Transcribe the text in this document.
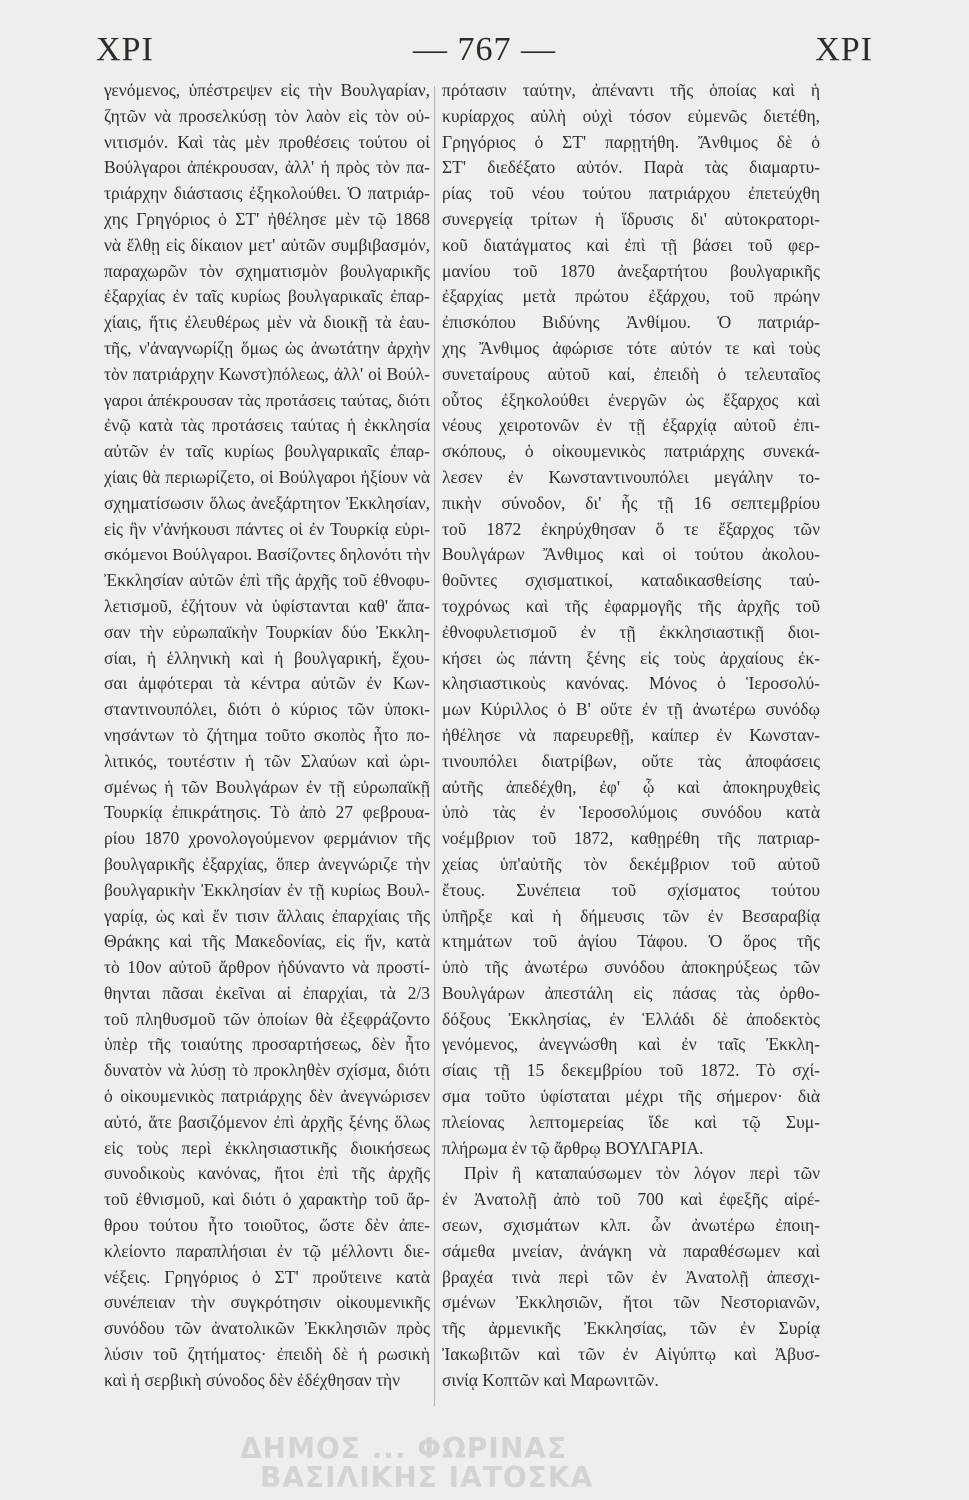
ΧΡΙ	— 767 —	ΧΡΙ
γενόμενος, ὑπέστρεψεν εἰς τὴν Βουλγαρίαν,
ζητῶν νὰ προσελκύσῃ τὸν λαὸν εἰς τὸν οὐ-
νιτισμόν. Καὶ τὰς μὲν προθέσεις τούτου οἱ
Βούλγαροι ἀπέκρουσαν, ἀλλ' ἡ πρὸς τὸν πα-
τριάρχην διάστασις ἐξηκολούθει. Ὁ πατριάρ-
χης Γρηγόριος ὁ ΣΤ' ἠθέλησε μὲν τῷ 1868
νὰ ἔλθῃ εἰς δίκαιον μετ' αὐτῶν συμβιβασμόν,
παραχωρῶν τὸν σχηματισμὸν βουλγαρικῆς
ἐξαρχίας ἐν ταῖς κυρίως βουλγαρικαῖς ἐπαρ-
χίαις, ἥτις ἐλευθέρως μὲν νὰ διοικῇ τὰ ἑαυ-
τῆς, ν'ἀναγνωρίζῃ ὅμως ὡς ἀνωτάτην ἀρχὴν
τὸν πατριάρχην Κωνστ)πόλεως, ἀλλ' οἱ Βούλ-
γαροι ἀπέκρουσαν τὰς προτάσεις ταύτας, διότι
ἐνῷ κατὰ τὰς προτάσεις ταύτας ἡ ἐκκλησία
αὐτῶν ἐν ταῖς κυρίως βουλγαρικαῖς ἐπαρ-
χίαις θὰ περιωρίζετο, οἱ Βούλγαροι ἠξίουν νὰ
σχηματίσωσιν ὅλως ἀνεξάρτητον Ἐκκλησίαν,
εἰς ἣν ν'ἀνήκουσι πάντες οἱ ἐν Τουρκίᾳ εὑρι-
σκόμενοι Βούλγαροι. Βασίζοντες δηλονότι τὴν
Ἐκκλησίαν αὐτῶν ἐπὶ τῆς ἀρχῆς τοῦ ἐθνοφυ-
λετισμοῦ, ἐζήτουν νὰ ὑφίστανται καθ' ἅπα-
σαν τὴν εὐρωπαϊκὴν Τουρκίαν δύο Ἐκκλη-
σίαι, ἡ ἑλληνικὴ καὶ ἡ βουλγαρική, ἔχου-
σαι ἀμφότεραι τὰ κέντρα αὐτῶν ἐν Κων-
σταντινουπόλει, διότι ὁ κύριος τῶν ὑποκι-
νησάντων τὸ ζήτημα τοῦτο σκοπὸς ἦτο πο-
λιτικός, τουτέστιν ἡ τῶν Σλαύων καὶ ὡρι-
σμένως ἡ τῶν Βουλγάρων ἐν τῇ εὐρωπαϊκῇ
Τουρκίᾳ ἐπικράτησις. Τὸ ἀπὸ 27 φεβρουα-
ρίου 1870 χρονολογούμενον φερμάνιον τῆς
βουλγαρικῆς ἐξαρχίας, ὅπερ ἀνεγνώριζε τὴν
βουλγαρικὴν Ἐκκλησίαν ἐν τῇ κυρίως Βουλ-
γαρίᾳ, ὡς καὶ ἔν τισιν ἄλλαις ἐπαρχίαις τῆς
Θράκης καὶ τῆς Μακεδονίας, εἰς ἥν, κατὰ
τὸ 10ον αὐτοῦ ἄρθρον ἠδύναντο νὰ προστί-
θηνται πᾶσαι ἐκεῖναι αἱ ἐπαρχίαι, τὰ 2/3
τοῦ πληθυσμοῦ τῶν ὁποίων θὰ ἐξεφράζοντο
ὑπὲρ τῆς τοιαύτης προσαρτήσεως, δὲν ἦτο
δυνατὸν νὰ λύσῃ τὸ προκληθὲν σχίσμα, διότι
ὁ οἰκουμενικὸς πατριάρχης δὲν ἀνεγνώρισεν
αὐτό, ἅτε βασιζόμενον ἐπὶ ἀρχῆς ξένης ὅλως
εἰς τοὺς περὶ ἐκκλησιαστικῆς διοικήσεως
συνοδικοὺς κανόνας, ἤτοι ἐπὶ τῆς ἀρχῆς
τοῦ ἐθνισμοῦ, καὶ διότι ὁ χαρακτὴρ τοῦ ἄρ-
θρου τούτου ἦτο τοιοῦτος, ὥστε δὲν ἀπε-
κλείοντο παραπλήσιαι ἐν τῷ μέλλοντι διε-
νέξεις. Γρηγόριος ὁ ΣΤ' προὔτεινε κατὰ
συνέπειαν τὴν συγκρότησιν οἰκουμενικῆς
συνόδου τῶν ἀνατολικῶν Ἐκκλησιῶν πρὸς
λύσιν τοῦ ζητήματος· ἐπειδὴ δὲ ἡ ρωσικὴ
καὶ ἡ σερβικὴ σύνοδος δὲν ἐδέχθησαν τὴν
πρότασιν ταύτην, ἀπέναντι τῆς ὁποίας καὶ ἡ
κυρίαρχος αὐλὴ οὐχὶ τόσον εὐμενῶς διετέθη,
Γρηγόριος ὁ ΣΤ' παρῃτήθη. Ἄνθιμος δὲ ὁ
ΣΤ' διεδέξατο αὐτόν. Παρὰ τὰς διαμαρτυ-
ρίας τοῦ νέου τούτου πατριάρχου ἐπετεύχθη
συνεργείᾳ τρίτων ἡ ἵδρυσις δι' αὐτοκρατορι-
κοῦ διατάγματος καὶ ἐπὶ τῇ βάσει τοῦ φερ-
μανίου τοῦ 1870 ἀνεξαρτήτου βουλγαρικῆς
ἐξαρχίας μετὰ πρώτου ἐξάρχου, τοῦ πρώην
ἐπισκόπου Βιδύνης Ἀνθίμου. Ὁ πατριάρ-
χης Ἄνθιμος ἀφώρισε τότε αὐτόν τε καὶ τοὺς
συνεταίρους αὐτοῦ καί, ἐπειδὴ ὁ τελευταῖος
οὗτος ἐξηκολούθει ἐνεργῶν ὡς ἔξαρχος καὶ
νέους χειροτονῶν ἐν τῇ ἐξαρχίᾳ αὐτοῦ ἐπι-
σκόπους, ὁ οἰκουμενικὸς πατριάρχης συνεκά-
λεσεν ἐν Κωνσταντινουπόλει μεγάλην το-
πικὴν σύνοδον, δι' ἧς τῇ 16 σεπτεμβρίου
τοῦ 1872 ἐκηρύχθησαν ὅ τε ἔξαρχος τῶν
Βουλγάρων Ἄνθιμος καὶ οἱ τούτου ἀκολου-
θοῦντες σχισματικοί, καταδικασθείσης ταὐ-
τοχρόνως καὶ τῆς ἐφαρμογῆς τῆς ἀρχῆς τοῦ
ἐθνοφυλετισμοῦ ἐν τῇ ἐκκλησιαστικῇ διοι-
κήσει ὡς πάντη ξένης εἰς τοὺς ἀρχαίους ἐκ-
κλησιαστικοὺς κανόνας. Μόνος ὁ Ἱεροσολύ-
μων Κύριλλος ὁ Β' οὔτε ἐν τῇ ἀνωτέρω συνόδῳ
ἠθέλησε νὰ παρευρεθῇ, καίπερ ἐν Κωνσταν-
τινουπόλει διατρίβων, οὔτε τὰς ἀποφάσεις
αὐτῆς ἀπεδέχθη, ἐφ' ᾧ καὶ ἀποκηρυχθεὶς
ὑπὸ τὰς ἐν Ἱεροσολύμοις συνόδου κατὰ
νοέμβριον τοῦ 1872, καθῃρέθη τῆς πατριαρ-
χείας ὑπ'αὐτῆς τὸν δεκέμβριον τοῦ αὐτοῦ
ἔτους. Συνέπεια τοῦ σχίσματος τούτου
ὑπῆρξε καὶ ἡ δήμευσις τῶν ἐν Βεσαραβίᾳ
κτημάτων τοῦ ἁγίου Τάφου. Ὁ ὅρος τῆς
ὑπὸ τῆς ἀνωτέρω συνόδου ἀποκηρύξεως τῶν
Βουλγάρων ἀπεστάλη εἰς πάσας τὰς ὀρθο-
δόξους Ἐκκλησίας, ἐν Ἑλλάδι δὲ ἀποδεκτὸς
γενόμενος, ἀνεγνώσθη καὶ ἐν ταῖς Ἐκκλη-
σίαις τῇ 15 δεκεμβρίου τοῦ 1872. Τὸ σχί-
σμα τοῦτο ὑφίσταται μέχρι τῆς σήμερον· διὰ
πλείονας λεπτομερείας ἴδε καὶ τῷ Συμ-
πλήρωμα ἐν τῷ ἄρθρῳ ΒΟΥΛΓΑΡΙΑ.
Πρὶν ἢ καταπαύσωμεν τὸν λόγον περὶ τῶν
ἐν Ἀνατολῇ ἀπὸ τοῦ 700 καὶ ἐφεξῆς αἱρέ-
σεων, σχισμάτων κλπ. ὧν ἀνωτέρω ἐποιη-
σάμεθα μνείαν, ἀνάγκη νὰ παραθέσωμεν καὶ
βραχέα τινὰ περὶ τῶν ἐν Ἀνατολῇ ἀπεσχι-
σμένων Ἐκκλησιῶν, ἤτοι τῶν Νεστοριανῶν,
τῆς ἀρμενικῆς Ἐκκλησίας, τῶν ἐν Συρίᾳ
Ἰακωβιτῶν καὶ τῶν ἐν Αἰγύπτῳ καὶ Ἀβυσ-
σινίᾳ Κοπτῶν καὶ Μαρωνιτῶν.
ΔΗΜΟΣ ... ΦΩΡΙΝΑΣ
ΒΑΣΙΛΙΚΗΣ ΙΑΤΟΣΚΑ
